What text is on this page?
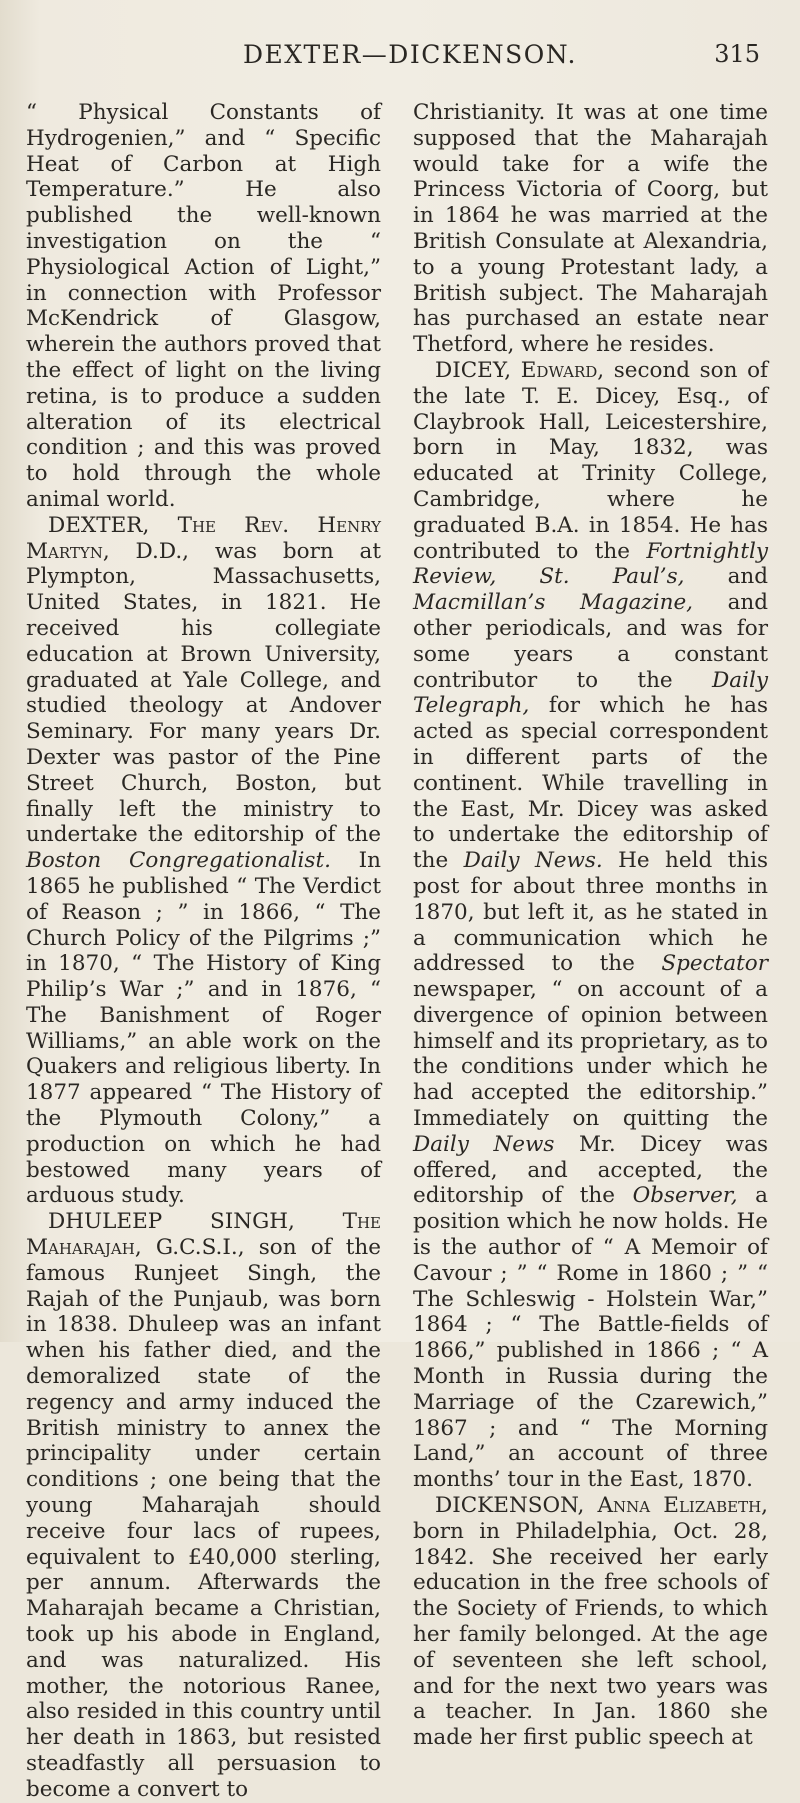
DEXTER—DICKENSON.	315

“ Physical Constants of Hydrogenien,” and “ Specific Heat of Carbon at High Temperature.” He also published the well-known investigation on the “ Physiological Action of Light,” in connection with Professor McKendrick of Glasgow, wherein the authors proved that the effect of light on the living retina, is to produce a sudden alteration of its electrical condition ; and this was proved to hold through the whole animal world.

DEXTER, The Rev. Henry Martyn, D.D., was born at Plympton, Massachusetts, United States, in 1821. He received his collegiate education at Brown University, graduated at Yale College, and studied theology at Andover Seminary. For many years Dr. Dexter was pastor of the Pine Street Church, Boston, but finally left the ministry to undertake the editorship of the Boston Congregationalist. In 1865 he published “ The Verdict of Reason ; ” in 1866, “ The Church Policy of the Pilgrims ;” in 1870, “ The History of King Philip’s War ;” and in 1876, “ The Banishment of Roger Williams,” an able work on the Quakers and religious liberty. In 1877 appeared “ The History of the Plymouth Colony,” a production on which he had bestowed many years of arduous study.

DHULEEP SINGH, The Maharajah, G.C.S.I., son of the famous Runjeet Singh, the Rajah of the Punjaub, was born in 1838. Dhuleep was an infant when his father died, and the demoralized state of the regency and army induced the British ministry to annex the principality under certain conditions ; one being that the young Maharajah should receive four lacs of rupees, equivalent to £40,000 sterling, per annum. Afterwards the Maharajah became a Christian, took up his abode in England, and was naturalized. His mother, the notorious Ranee, also resided in this country until her death in 1863, but resisted steadfastly all persuasion to become a convert to

Christianity. It was at one time supposed that the Maharajah would take for a wife the Princess Victoria of Coorg, but in 1864 he was married at the British Consulate at Alexandria, to a young Protestant lady, a British subject. The Maharajah has purchased an estate near Thetford, where he resides.

DICEY, Edward, second son of the late T. E. Dicey, Esq., of Claybrook Hall, Leicestershire, born in May, 1832, was educated at Trinity College, Cambridge, where he graduated B.A. in 1854. He has contributed to the Fortnightly Review, St. Paul’s, and Macmillan’s Magazine, and other periodicals, and was for some years a constant contributor to the Daily Telegraph, for which he has acted as special correspondent in different parts of the continent. While travelling in the East, Mr. Dicey was asked to undertake the editorship of the Daily News. He held this post for about three months in 1870, but left it, as he stated in a communication which he addressed to the Spectator newspaper, “ on account of a divergence of opinion between himself and its proprietary, as to the conditions under which he had accepted the editorship.” Immediately on quitting the Daily News Mr. Dicey was offered, and accepted, the editorship of the Observer, a position which he now holds. He is the author of “ A Memoir of Cavour ; ” “ Rome in 1860 ; ” “ The Schleswig - Holstein War,” 1864 ; “ The Battle-fields of 1866,” published in 1866 ; “ A Month in Russia during the Marriage of the Czarewich,” 1867 ; and “ The Morning Land,” an account of three months’ tour in the East, 1870.

DICKENSON, Anna Elizabeth, born in Philadelphia, Oct. 28, 1842. She received her early education in the free schools of the Society of Friends, to which her family belonged. At the age of seventeen she left school, and for the next two years was a teacher. In Jan. 1860 she made her first public speech at
